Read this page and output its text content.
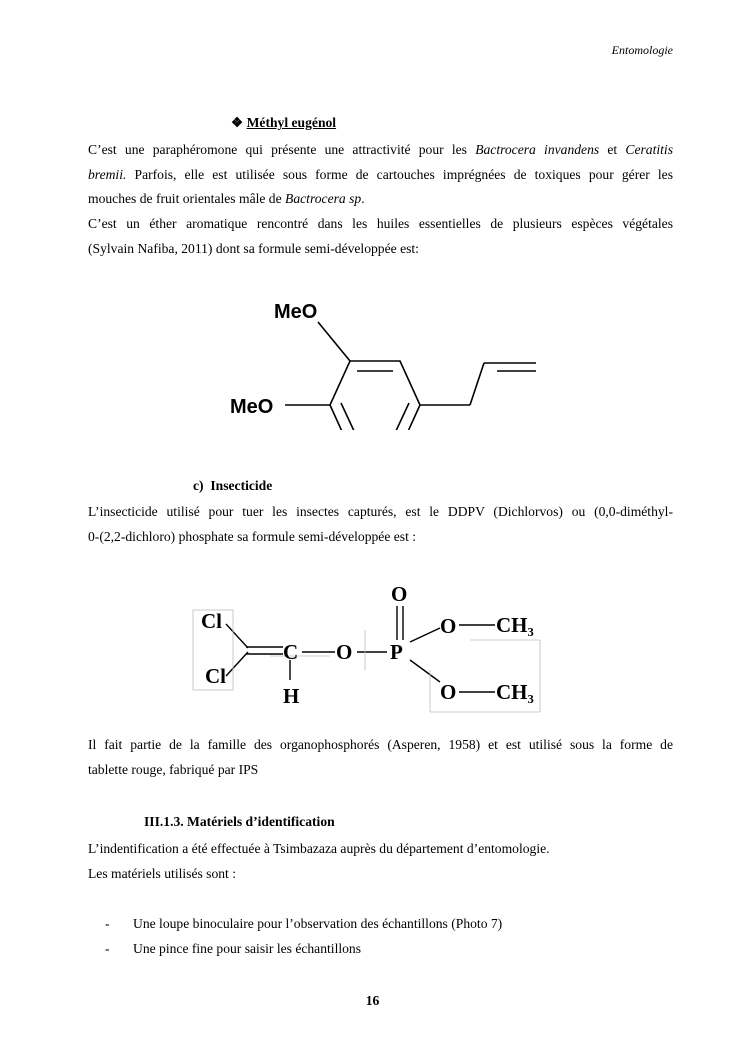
Entomologie
❖ Méthyl eugénol
C’est une paraphéromone qui présente une attractivité pour les Bactrocera invandens et Ceratitis
bremii. Parfois, elle est utilisée sous forme de cartouches imprégnées de toxiques pour gérer les
mouches de fruit orientales mâle de Bactrocera sp.
C’est un éther aromatique rencontré dans les huiles essentielles de plusieurs espèces végétales
(Sylvain Nafiba, 2011) dont sa formule semi-développée est:
MeO
MeO
c) Insecticide
L’insecticide utilisé pour tuer les insectes capturés, est le DDPV (Dichlorvos) ou (0,0-diméthyl-
0-(2,2-dichloro) phosphate sa formule semi-développée est :
Cl
Cl
C
H
O P
O
O CH₃
O CH₃
Il fait partie de la famille des organophosphorés (Asperen, 1958) et est utilisé sous la forme de
tablette rouge, fabriqué par IPS
III.1.3. Matériels d’identification
L’indentification a été effectuée à Tsimbazaza auprès du département d’entomologie.
Les matériels utilisés sont :
- Une loupe binoculaire pour l’observation des échantillons (Photo 7)
- Une pince fine pour saisir les échantillons
16
